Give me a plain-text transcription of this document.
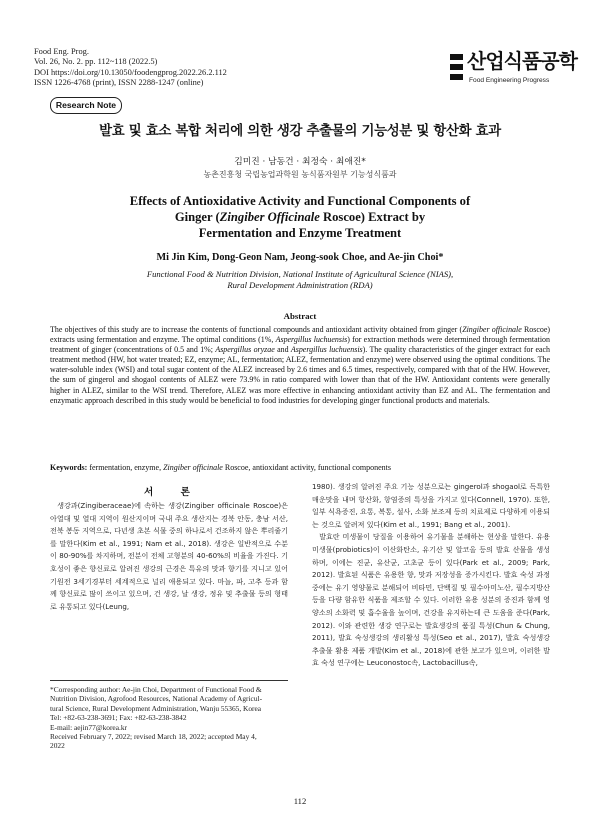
Food Eng. Prog.
Vol. 26, No. 2. pp. 112~118 (2022.5)
DOI https://doi.org/10.13050/foodengprog.2022.26.2.112
ISSN 1226-4768 (print), ISSN 2288-1247 (online)
산업식품공학
Food Engineering Progress
Research Note
발효 및 효소 복합 처리에 의한 생강 추출물의 기능성분 및 항산화 효과
김미진 · 남동건 · 최정숙 · 최애진*
농촌진흥청 국립농업과학원 농식품자원부 기능성식품과
Effects of Antioxidative Activity and Functional Components of
Ginger (Zingiber Officinale Roscoe) Extract by
Fermentation and Enzyme Treatment
Mi Jin Kim, Dong-Geon Nam, Jeong-sook Choe, and Ae-jin Choi*
Functional Food & Nutrition Division, National Institute of Agricultural Science (NIAS),
Rural Development Administration (RDA)
Abstract
The objectives of this study are to increase the contents of functional compounds and antioxidant activity obtained from ginger (Zingiber officinale Roscoe) extracts using fermentation and enzyme. The optimal conditions (1%, Aspergillus luchuensis) for extraction methods were determined through fermentation treatment of ginger (concentrations of 0.5 and 1%; Aspergillus oryzae and Aspergillus luchuensis). The quality characteristics of the ginger extract for each treatment method (HW, hot water treated; EZ, enzyme; AL, fermentation; ALEZ, fermentation and enzyme) were observed using the optimal conditions. The water-soluble index (WSI) and total sugar content of the ALEZ increased by 2.6 times and 6.5 times, respectively, compared with that of the HW. However, the sum of gingerol and shogaol contents of ALEZ were 73.9% in ratio compared with lower than that of the HW. Antioxidant contents were generally higher in ALEZ, similar to the WSI trend. Therefore, ALEZ was more effective in enhancing antioxidant activity than EZ and AL. The fermentation and enzymatic approach described in this study would be beneficial to food industries for developing ginger functional products and materials.
Keywords: fermentation, enzyme, Zingiber officinale Roscoe, antioxidant activity, functional components
서 론

생강과(Zingiberaceae)에 속하는 생강(Zingiber officinale Roscoe)은 아열대 및 열대 지역이 원산지이며 국내 주요 생산지는 경북 안동, 충남 서산, 전북 봉동 지역으로, 다년생 초본 식물 중의 하나로서 건조하지 않은 뿌리줄기를 말한다(Kim et al., 1991; Nam et al., 2018). 생강은 일반적으로 수분이 80-90%를 차지하며, 전분이 전체 고형분의 40-60%의 비율을 가진다. 기호성이 좋은 향신료로 알려진 생강의 근경은 특유의 맛과 향기를 지니고 있어 기원전 3세기경부터 세계적으로 널리 애용되고 있다. 마늘, 파, 고추 등과 함께 향신료로 많이 쓰이고 있으며, 건 생강, 날 생강, 정유 및 추출물 등의 형태로 유통되고 있다(Leung,

1980). 생강의 알려진 주요 기능 성분으로는 gingerol과 shogaol로 독특한 매운맛을 내며 항산화, 항염증의 특성을 가지고 있다(Connell, 1970). 또한, 일부 식욕증진, 요통, 복통, 설사, 소화 보조제 등의 치료제로 다양하게 이용되는 것으로 알려져 있다(Kim et al., 1991; Bang et al., 2001).

발효란 미생물이 당질을 이용하여 유기물을 분해하는 현상을 말한다. 유용 미생물(probiotics)이 이산화탄소, 유기산 및 알코올 등의 발효 산물을 생성하며, 이에는 진균, 유산균, 고초균 등이 있다(Park et al., 2009; Park, 2012). 발효된 식품은 유용한 향, 맛과 저장성을 증가시킨다. 발효 숙성 과정 중에는 유기 영양물로 분해되어 비타민, 단백질 및 필수아미노산, 필수지방산 등을 다량 함유한 식품을 제조할 수 있다. 이러한 유용 성분의 증진과 함께 영양소의 소화력 및 흡수율을 높이며, 건강을 유지하는데 큰 도움을 준다(Park, 2012). 이와 관련한 생강 연구로는 발효생강의 품질 특성(Chun & Chung, 2011), 발효 숙성생강의 생리활성 특성(Seo et al., 2017), 발효 숙성생강 추출물 활용 제품 개발(Kim et al., 2018)에 관한 보고가 있으며, 이러한 발효 숙성 연구에는 Leuconostoc속, Lactobacillus속,

*Corresponding author: Ae-jin Choi, Department of Functional Food &
Nutrition Division, Agrofood Resources, National Academy of Agricul-
tural Science, Rural Development Administration, Wanju 55365, Korea
Tel: +82-63-238-3691; Fax: +82-63-238-3842
E-mail: aejin77@korea.kr
Received February 7, 2022; revised March 18, 2022; accepted May 4,
2022
112
